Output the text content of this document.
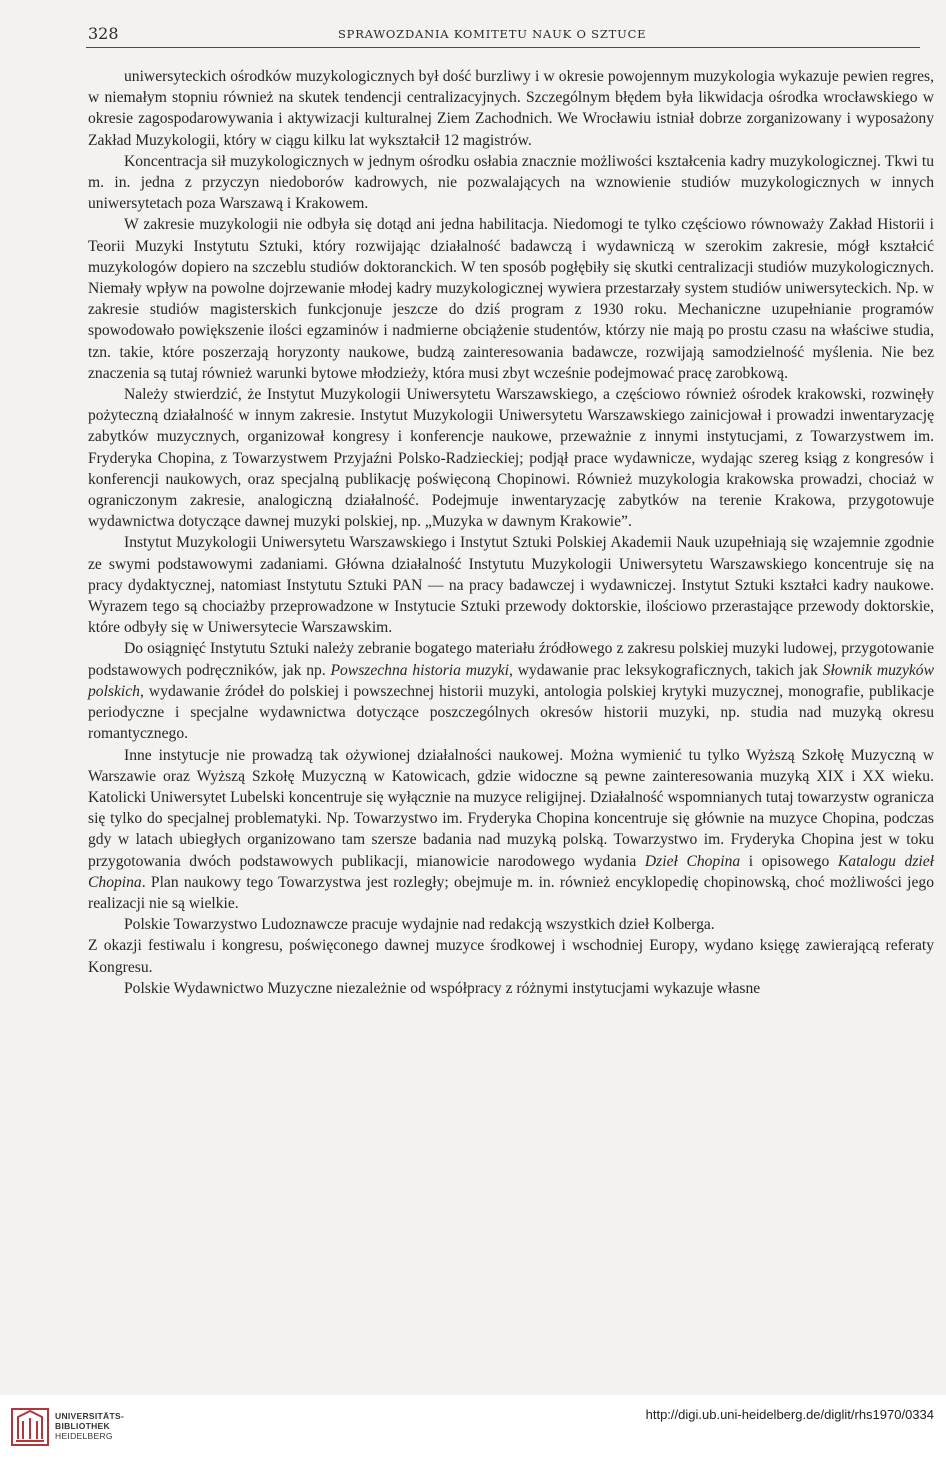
328	SPRAWOZDANIA KOMITETU NAUK O SZTUCE

uniwersyteckich ośrodków muzykologicznych był dość burzliwy i w okresie powojennym muzykologia wykazuje pewien regres, w niemałym stopniu również na skutek tendencji centralizacyjnych. Szczególnym błędem była likwidacja ośrodka wrocławskiego w okresie zagospodarowywania i aktywizacji kulturalnej Ziem Zachodnich. We Wrocławiu istniał dobrze zorganizowany i wyposażony Zakład Muzykologii, który w ciągu kilku lat wykształcił 12 magistrów.

Koncentracja sił muzykologicznych w jednym ośrodku osłabia znacznie możliwości kształcenia kadry muzykologicznej. Tkwi tu m. in. jedna z przyczyn niedoborów kadrowych, nie pozwalających na wznowienie studiów muzykologicznych w innych uniwersytetach poza Warszawą i Krakowem.

W zakresie muzykologii nie odbyła się dotąd ani jedna habilitacja. Niedomogi te tylko częściowo równoważy Zakład Historii i Teorii Muzyki Instytutu Sztuki, który rozwijając działalność badawczą i wydawniczą w szerokim zakresie, mógł kształcić muzykologów dopiero na szczeblu studiów doktoranckich. W ten sposób pogłębiły się skutki centralizacji studiów muzykologicznych. Niemały wpływ na powolne dojrzewanie młodej kadry muzykologicznej wywiera przestarzały system studiów uniwersyteckich. Np. w zakresie studiów magisterskich funkcjonuje jeszcze do dziś program z 1930 roku. Mechaniczne uzupełnianie programów spowodowało powiększenie ilości egzaminów i nadmierne obciążenie studentów, którzy nie mają po prostu czasu na właściwe studia, tzn. takie, które poszerzają horyzonty naukowe, budzą zainteresowania badawcze, rozwijają samodzielność myślenia. Nie bez znaczenia są tutaj również warunki bytowe młodzieży, która musi zbyt wcześnie podejmować pracę zarobkową.

Należy stwierdzić, że Instytut Muzykologii Uniwersytetu Warszawskiego, a częściowo również ośrodek krakowski, rozwinęły pożyteczną działalność w innym zakresie. Instytut Muzykologii Uniwersytetu Warszawskiego zainicjował i prowadzi inwentaryzację zabytków muzycznych, organizował kongresy i konferencje naukowe, przeważnie z innymi instytucjami, z Towarzystwem im. Fryderyka Chopina, z Towarzystwem Przyjaźni Polsko-Radzieckiej; podjął prace wydawnicze, wydając szereg ksiąg z kongresów i konferencji naukowych, oraz specjalną publikację poświęconą Chopinowi. Również muzykologia krakowska prowadzi, chociaż w ograniczonym zakresie, analogiczną działalność. Podejmuje inwentaryzację zabytków na terenie Krakowa, przygotowuje wydawnictwa dotyczące dawnej muzyki polskiej, np. „Muzyka w dawnym Krakowie”.

Instytut Muzykologii Uniwersytetu Warszawskiego i Instytut Sztuki Polskiej Akademii Nauk uzupełniają się wzajemnie zgodnie ze swymi podstawowymi zadaniami. Główna działalność Instytutu Muzykologii Uniwersytetu Warszawskiego koncentruje się na pracy dydaktycznej, natomiast Instytutu Sztuki PAN — na pracy badawczej i wydawniczej. Instytut Sztuki kształci kadry naukowe. Wyrazem tego są chociażby przeprowadzone w Instytucie Sztuki przewody doktorskie, ilościowo przerastające przewody doktorskie, które odbyły się w Uniwersytecie Warszawskim.

Do osiągnięć Instytutu Sztuki należy zebranie bogatego materiału źródłowego z zakresu polskiej muzyki ludowej, przygotowanie podstawowych podręczników, jak np. Powszechna historia muzyki, wydawanie prac leksykograficznych, takich jak Słownik muzyków polskich, wydawanie źródeł do polskiej i powszechnej historii muzyki, antologia polskiej krytyki muzycznej, monografie, publikacje periodyczne i specjalne wydawnictwa dotyczące poszczególnych okresów historii muzyki, np. studia nad muzyką okresu romantycznego.

Inne instytucje nie prowadzą tak ożywionej działalności naukowej. Można wymienić tu tylko Wyższą Szkołę Muzyczną w Warszawie oraz Wyższą Szkołę Muzyczną w Katowicach, gdzie widoczne są pewne zainteresowania muzyką XIX i XX wieku. Katolicki Uniwersytet Lubelski koncentruje się wyłącznie na muzyce religijnej. Działalność wspomnianych tutaj towarzystw ogranicza się tylko do specjalnej problematyki. Np. Towarzystwo im. Fryderyka Chopina koncentruje się głównie na muzyce Chopina, podczas gdy w latach ubiegłych organizowano tam szersze badania nad muzyką polską. Towarzystwo im. Fryderyka Chopina jest w toku przygotowania dwóch podstawowych publikacji, mianowicie narodowego wydania Dzieł Chopina i opisowego Katalogu dzieł Chopina. Plan naukowy tego Towarzystwa jest rozległy; obejmuje m. in. również encyklopedię chopinowską, choć możliwości jego realizacji nie są wielkie.

Polskie Towarzystwo Ludoznawcze pracuje wydajnie nad redakcją wszystkich dzieł Kolberga.

Z okazji festiwalu i kongresu, poświęconego dawnej muzyce środkowej i wschodniej Europy, wydano księgę zawierającą referaty Kongresu.

Polskie Wydawnictwo Muzyczne niezależnie od współpracy z różnymi instytucjami wykazuje własne

UNIVERSITÄTS-
BIBLIOTHEK
HEIDELBERG
http://digi.ub.uni-heidelberg.de/diglit/rhs1970/0334
